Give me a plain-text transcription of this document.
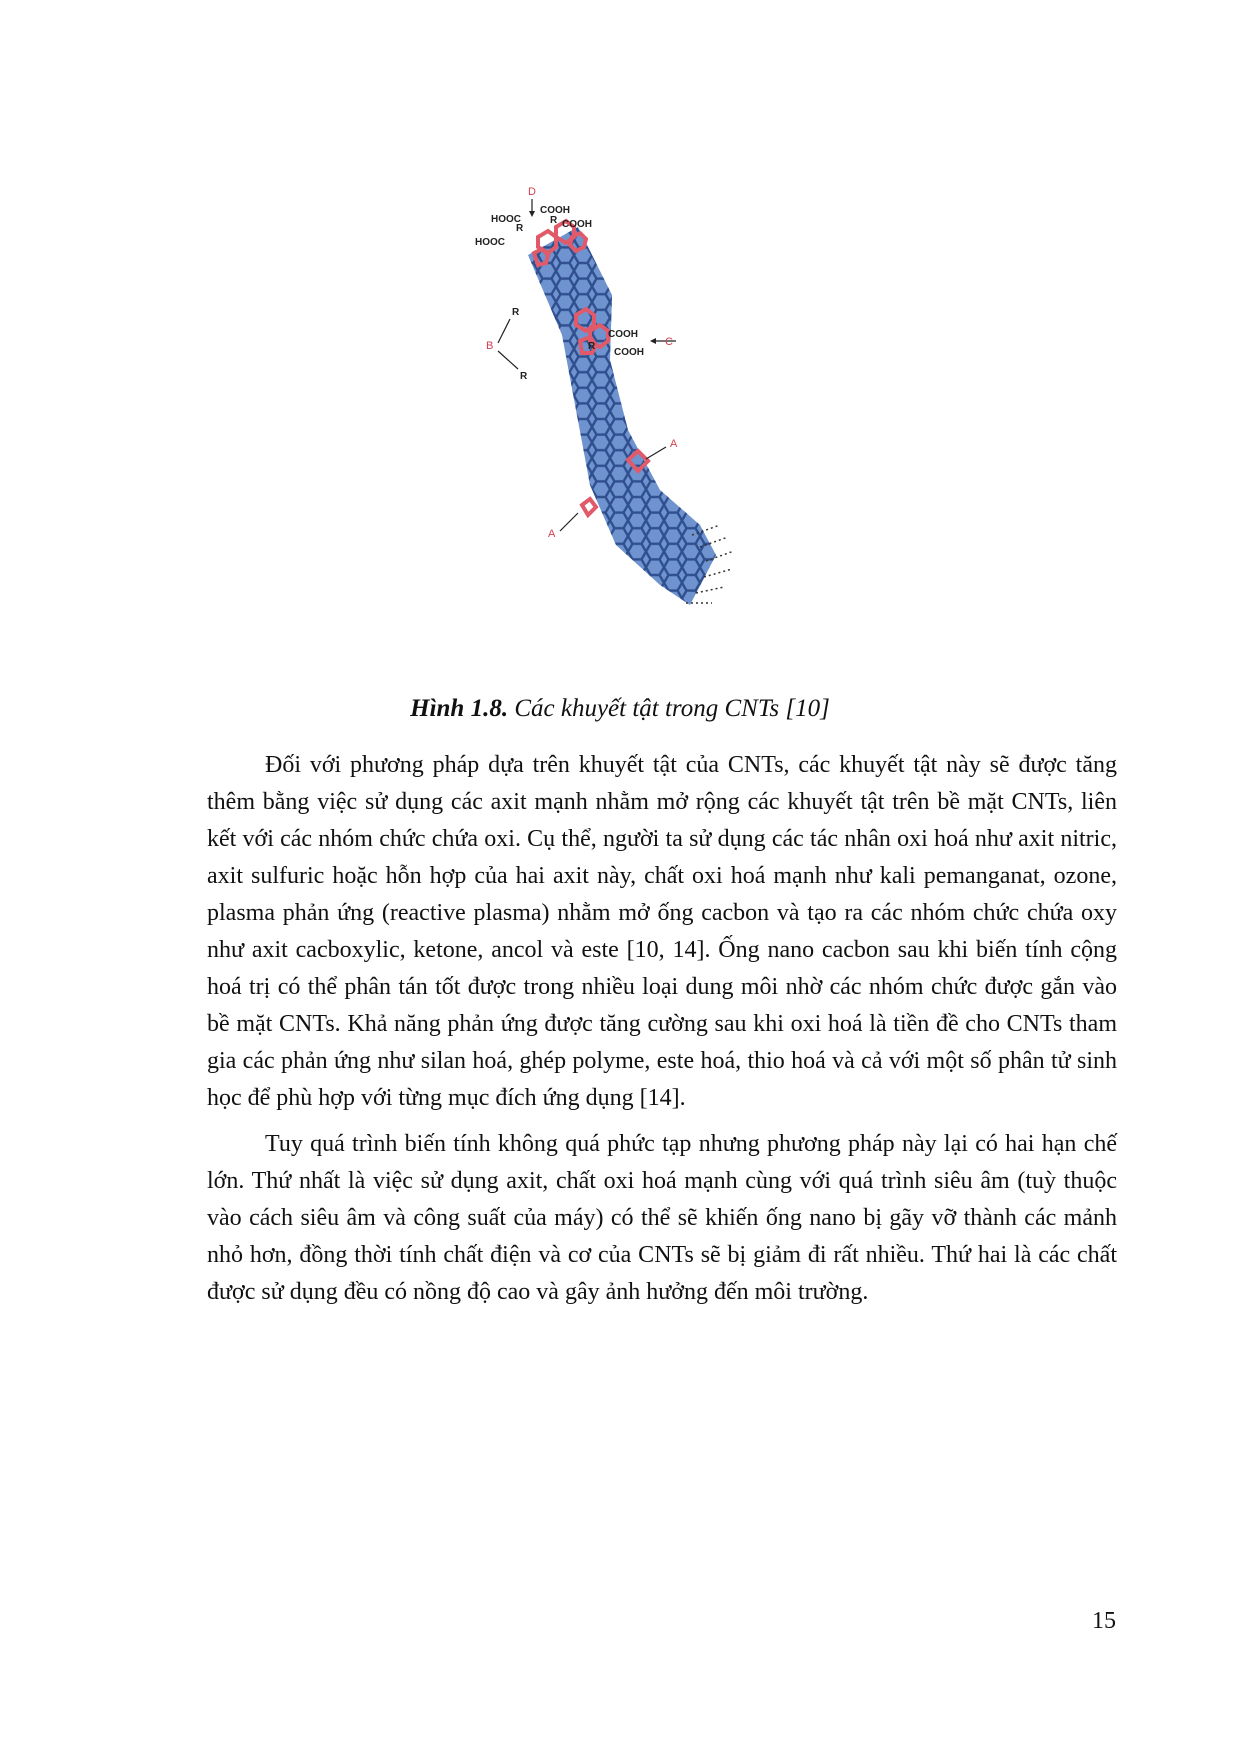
D
COOH
HOOC	R COOH
R
HOOC
R
B
R
COOH
R
COOH
C
A
A
Hình 1.8. Các khuyết tật trong CNTs [10]

Đối với phương pháp dựa trên khuyết tật của CNTs, các khuyết tật này sẽ được tăng thêm bằng việc sử dụng các axit mạnh nhằm mở rộng các khuyết tật trên bề mặt CNTs, liên kết với các nhóm chức chứa oxi. Cụ thể, người ta sử dụng các tác nhân oxi hoá như axit nitric, axit sulfuric hoặc hỗn hợp của hai axit này, chất oxi hoá mạnh như kali pemanganat, ozone, plasma phản ứng (reactive plasma) nhằm mở ống cacbon và tạo ra các nhóm chức chứa oxy như axit cacboxylic, ketone, ancol và este [10, 14]. Ống nano cacbon sau khi biến tính cộng hoá trị có thể phân tán tốt được trong nhiều loại dung môi nhờ các nhóm chức được gắn vào bề mặt CNTs. Khả năng phản ứng được tăng cường sau khi oxi hoá là tiền đề cho CNTs tham gia các phản ứng như silan hoá, ghép polyme, este hoá, thio hoá và cả với một số phân tử sinh học để phù hợp với từng mục đích ứng dụng [14].

Tuy quá trình biến tính không quá phức tạp nhưng phương pháp này lại có hai hạn chế lớn. Thứ nhất là việc sử dụng axit, chất oxi hoá mạnh cùng với quá trình siêu âm (tuỳ thuộc vào cách siêu âm và công suất của máy) có thể sẽ khiến ống nano bị gãy vỡ thành các mảnh nhỏ hơn, đồng thời tính chất điện và cơ của CNTs sẽ bị giảm đi rất nhiều. Thứ hai là các chất được sử dụng đều có nồng độ cao và gây ảnh hưởng đến môi trường.

15
